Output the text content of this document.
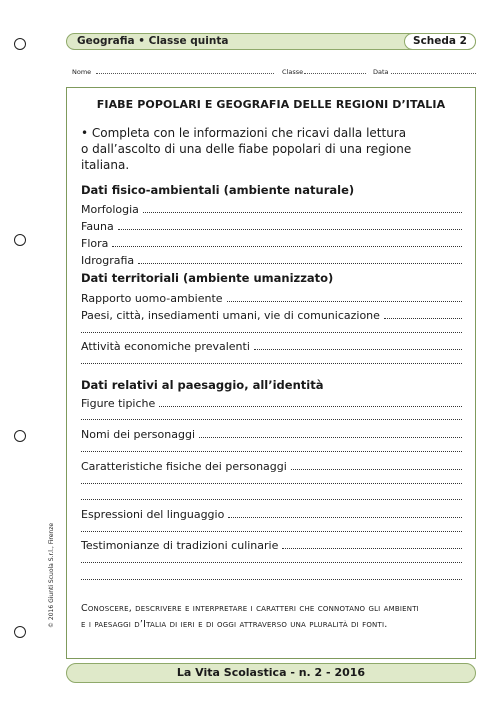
Geografia • Classe quinta	Scheda 2
Nome	Classe	Data
FIABE POPOLARI E GEOGRAFIA DELLE REGIONI D’ITALIA
• Completa con le informazioni che ricavi dalla lettura
o dall’ascolto di una delle fiabe popolari di una regione
italiana.
Dati fisico-ambientali (ambiente naturale)
Morfologia
Fauna
Flora
Idrografia
Dati territoriali (ambiente umanizzato)
Rapporto uomo-ambiente
Paesi, città, insediamenti umani, vie di comunicazione
Attività economiche prevalenti
Dati relativi al paesaggio, all’identità
Figure tipiche
Nomi dei personaggi
Caratteristiche fisiche dei personaggi
Espressioni del linguaggio
Testimonianze di tradizioni culinarie
Conoscere, descrivere e interpretare i caratteri che connotano gli ambienti
e i paesaggi d’Italia di ieri e di oggi attraverso una pluralità di fonti.
© 2016 Giunti Scuola S.r.l., Firenze
La Vita Scolastica - n. 2 - 2016
